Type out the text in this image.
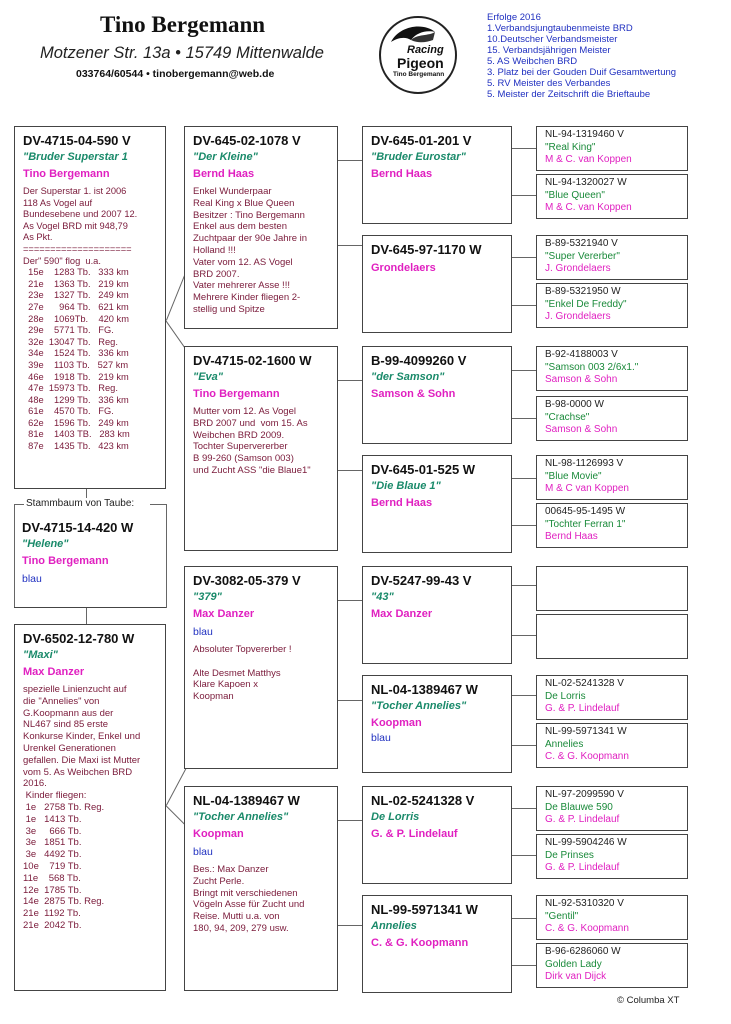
Tino Bergemann
Motzener Str. 13a • 15749 Mittenwalde
033764/60544 • tinobergemann@web.de
Racing
Pigeon
Tino Bergemann
Erfolge 2016
1.Verbandsjungtaubenmeiste BRD
10.Deutscher Verbandsmeister
15. Verbandsjährigen Meister
5. AS Weibchen BRD
3. Platz bei der Gouden Duif Gesamtwertung
5. RV Meister des Verbandes
5. Meister der Zeitschrift die Brieftaube
DV-4715-04-590 V
"Bruder Superstar 1
Tino Bergemann
Der Superstar 1. ist 2006
118 As Vogel auf
Bundesebene und 2007 12.
As Vogel BRD mit 948,79
As Pkt.
====================
Der" 590" flog  u.a.
15e    1283 Tb.   333 km
21e    1363 Tb.   219 km
23e    1327 Tb.   249 km
27e      964 Tb.   621 km
28e    1069Tb.    420 km
29e    5771 Tb.   FG.
32e  13047 Tb.   Reg.
34e    1524 Tb.   336 km
39e    1103 Tb.   527 km
46e    1918 Tb.   219 km
47e  15973 Tb.   Reg.
48e    1299 Tb.   336 km
61e    4570 Tb.   FG.
62e    1596 Tb.   249 km
81e    1403 TB.   283 km
87e    1435 Tb.   423 km
DV-4715-14-420 W
"Helene"
Tino Bergemann
blau
Stammbaum von Taube:
DV-6502-12-780 W
"Maxi"
Max Danzer
spezielle Linienzucht auf
die "Annelies" von
G.Koopmann aus der
NL467 sind 85 erste
Konkurse Kinder, Enkel und
Urenkel Generationen
gefallen. Die Maxi ist Mutter
vom 5. As Weibchen BRD
2016.
Kinder fliegen:
1e   2758 Tb. Reg.
1e   1413 Tb.
3e     666 Tb.
3e   1851 Tb.
3e   4492 Tb.
10e    719 Tb.
11e    568 Tb.
12e  1785 Tb.
14e  2875 Tb. Reg.
21e  1192 Tb.
21e  2042 Tb.
DV-645-02-1078 V
"Der Kleine"
Bernd Haas
Enkel Wunderpaar
Real King x Blue Queen
Besitzer : Tino Bergemann
Enkel aus dem besten
Zuchtpaar der 90e Jahre in
Holland !!!
Vater vom 12. AS Vogel
BRD 2007.
Vater mehrerer Asse !!!
Mehrere Kinder fliegen 2-
stellig und Spitze
DV-4715-02-1600 W
"Eva"
Tino Bergemann
Mutter vom 12. As Vogel
BRD 2007 und  vom 15. As
Weibchen BRD 2009.
Tochter Supervererber
B 99-260 (Samson 003)
und Zucht ASS "die Blaue1"
DV-3082-05-379 V
"379"
Max Danzer
blau
Absoluter Topvererber !

Alte Desmet Matthys
Klare Kapoen x
Koopman
NL-04-1389467 W
"Tocher Annelies"
Koopman
blau
Bes.: Max Danzer
Zucht Perle.
Bringt mit verschiedenen
Vögeln Asse für Zucht und
Reise. Mutti u.a. von
180, 94, 209, 279 usw.
DV-645-01-201 V
"Bruder Eurostar"
Bernd Haas
DV-645-97-1170 W
Grondelaers
B-99-4099260 V
"der Samson"
Samson & Sohn
DV-645-01-525 W
"Die Blaue 1"
Bernd Haas
DV-5247-99-43 V
"43"
Max Danzer
NL-04-1389467 W
"Tocher Annelies"
Koopman
blau
NL-02-5241328 V
De Lorris
G. & P. Lindelauf
NL-99-5971341 W
Annelies
C. & G. Koopmann
NL-94-1319460 V
"Real King"
M & C. van Koppen
NL-94-1320027 W
"Blue Queen"
M & C. van Koppen
B-89-5321940 V
"Super Vererber"
J. Grondelaers
B-89-5321950 W
"Enkel De Freddy"
J. Grondelaers
B-92-4188003 V
"Samson 003 2/6x1."
Samson & Sohn
B-98-0000 W
"Crachse"
Samson & Sohn
NL-98-1126993 V
"Blue Movie"
M & C van Koppen
00645-95-1495 W
"Tochter Ferran 1"
Bernd Haas
NL-02-5241328 V
De Lorris
G. & P. Lindelauf
NL-99-5971341 W
Annelies
C. & G. Koopmann
NL-97-2099590 V
De Blauwe 590
G. & P. Lindelauf
NL-99-5904246 W
De Prinses
G. & P. Lindelauf
NL-92-5310320 V
"Gentil"
C. & G. Koopmann
B-96-6286060 W
Golden Lady
Dirk van Dijck
© Columba XT
